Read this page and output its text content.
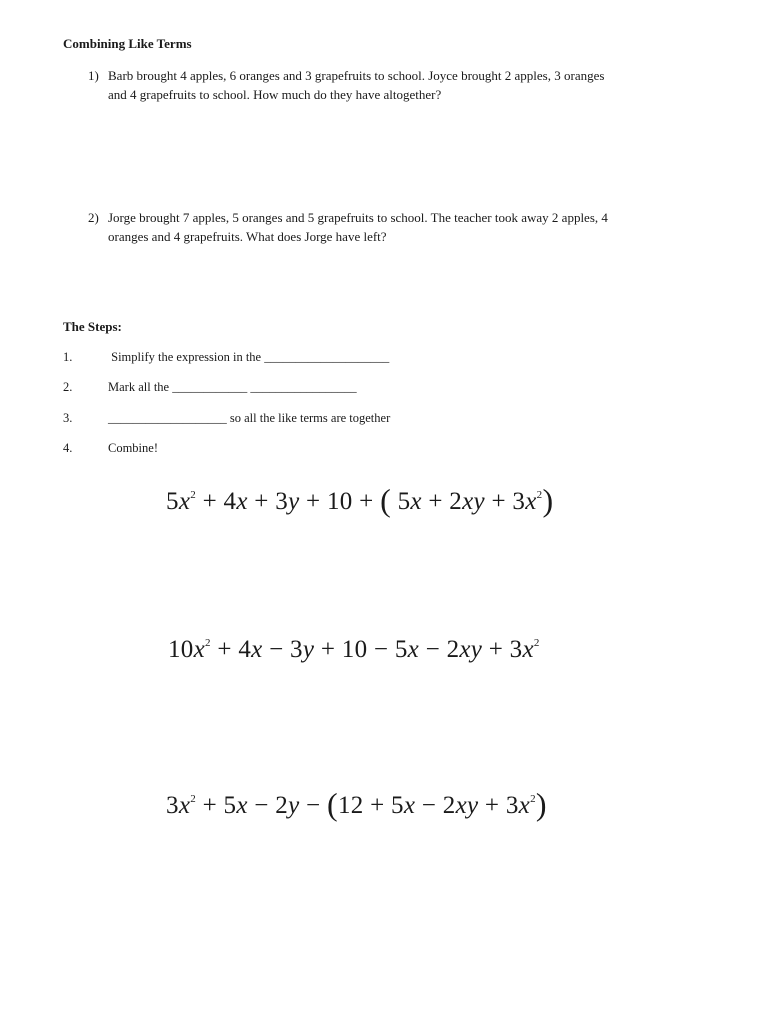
Combining Like Terms
1) Barb brought 4 apples, 6 oranges and 3 grapefruits to school. Joyce brought 2 apples, 3 oranges and 4 grapefruits to school. How much do they have altogether?
2) Jorge brought 7 apples, 5 oranges and 5 grapefruits to school. The teacher took away 2 apples, 4 oranges and 4 grapefruits. What does Jorge have left?
The Steps:
1.	Simplify the expression in the ____________________
2.	Mark all the ____________ _________________
3.	___________________ so all the like terms are together
4.	Combine!
$5x^2 + 4x + 3y + 10$ + ( $5x + 2xy + 3x^2$)
$10x^2 + 4x - 3y + 10 - 5x - 2xy + 3x^2$
$3x^2 + 5x - 2y - (12 + 5x - 2xy + 3x^2)$
